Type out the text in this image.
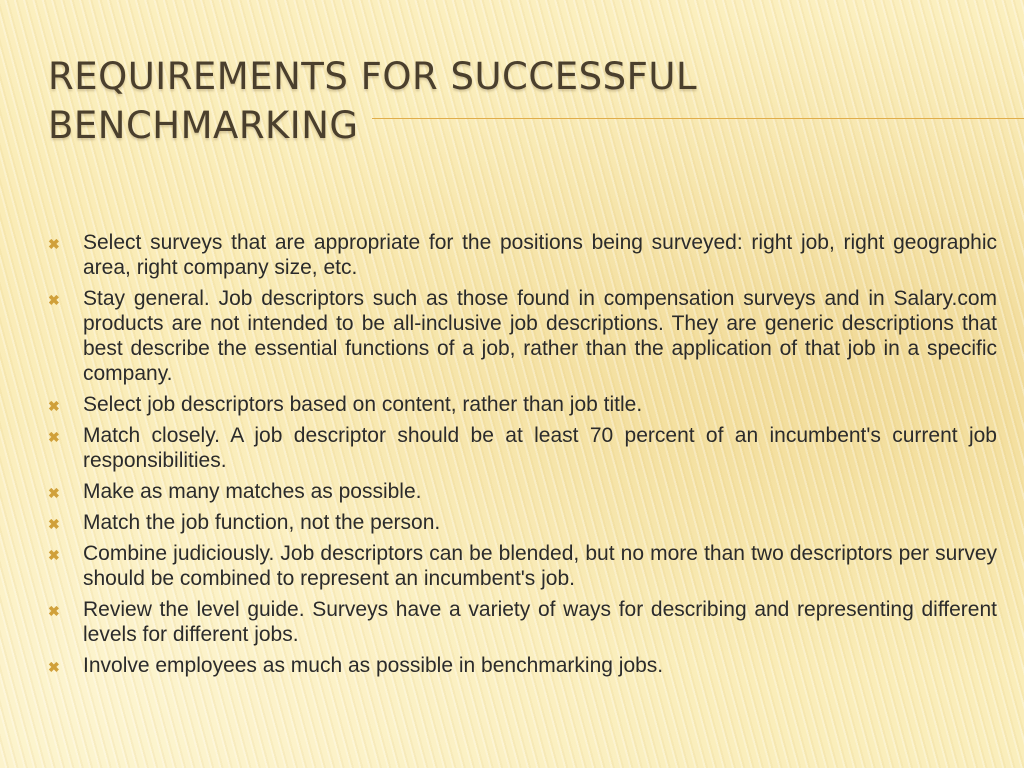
REQUIREMENTS FOR SUCCESSFUL BENCHMARKING
✖ Select surveys that are appropriate for the positions being surveyed: right job, right geographic area, right company size, etc.
✖ Stay general. Job descriptors such as those found in compensation surveys and in Salary.com products are not intended to be all-inclusive job descriptions. They are generic descriptions that best describe the essential functions of a job, rather than the application of that job in a specific company.
✖ Select job descriptors based on content, rather than job title.
✖ Match closely. A job descriptor should be at least 70 percent of an incumbent's current job responsibilities.
✖ Make as many matches as possible.
✖ Match the job function, not the person.
✖ Combine judiciously. Job descriptors can be blended, but no more than two descriptors per survey should be combined to represent an incumbent's job.
✖ Review the level guide. Surveys have a variety of ways for describing and representing different levels for different jobs.
✖ Involve employees as much as possible in benchmarking jobs.
